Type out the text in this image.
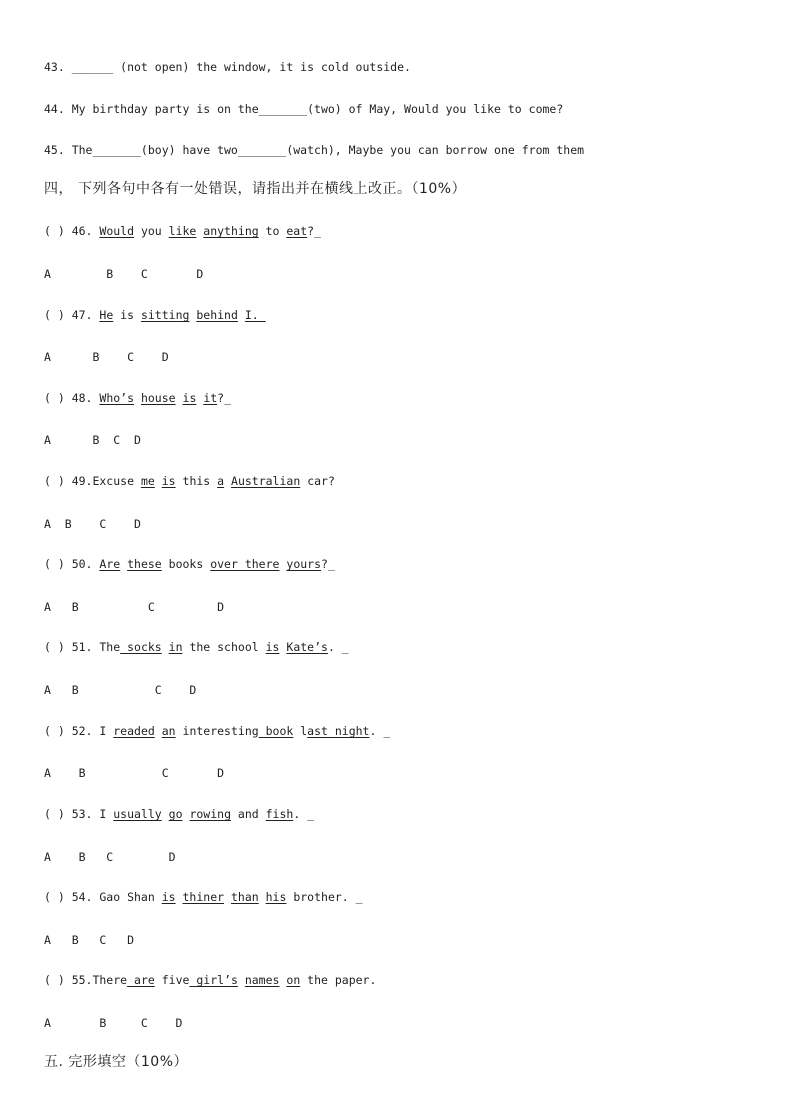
43. ______ (not open) the window, it is cold outside.
44. My birthday party is on the_______(two) of May, Would you like to come?
45. The_______(boy) have two_______(watch), Maybe you can borrow one from them
四， 下列各句中各有一处错误，请指出并在横线上改正。（10%）
( ) 46. Would you like anything to eat?_
A        B    C       D
( ) 47. He is sitting behind I.
A      B    C    D
( ) 48. Who’s house is it?_
A      B  C  D
( ) 49.Excuse me is this a Australian car?
A  B    C    D
( ) 50. Are these books over there yours?_
A   B          C         D
( ) 51. The socks in the school is Kate’s. _
A   B           C    D
( ) 52. I readed an interesting book last night. _
A    B           C       D
( ) 53. I usually go rowing and fish. _
A    B   C        D
( ) 54. Gao Shan is thiner than his brother. _
A   B   C   D
( ) 55.There are five girl’s names on the paper.
A       B     C    D
五. 完形填空（10%）
